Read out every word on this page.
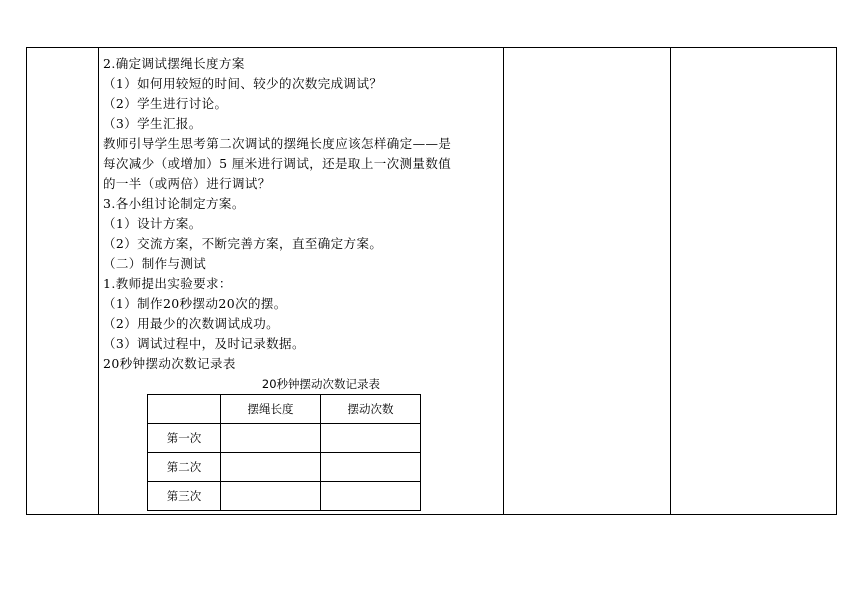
2.确定调试摆绳长度方案
（1）如何用较短的时间、较少的次数完成调试？
（2）学生进行讨论。
（3）学生汇报。
教师引导学生思考第二次调试的摆绳长度应该怎样确定——是
每次减少（或增加）5 厘米进行调试，还是取上一次测量数值
的一半（或两倍）进行调试？
3.各小组讨论制定方案。
（1）设计方案。
（2）交流方案，不断完善方案，直至确定方案。
（二）制作与测试
1.教师提出实验要求：
（1）制作20秒摆动20次的摆。
（2）用最少的次数调试成功。
（3）调试过程中，及时记录数据。
20秒钟摆动次数记录表
20秒钟摆动次数记录表
	摆绳长度	摆动次数
第一次		
第二次		
第三次		
